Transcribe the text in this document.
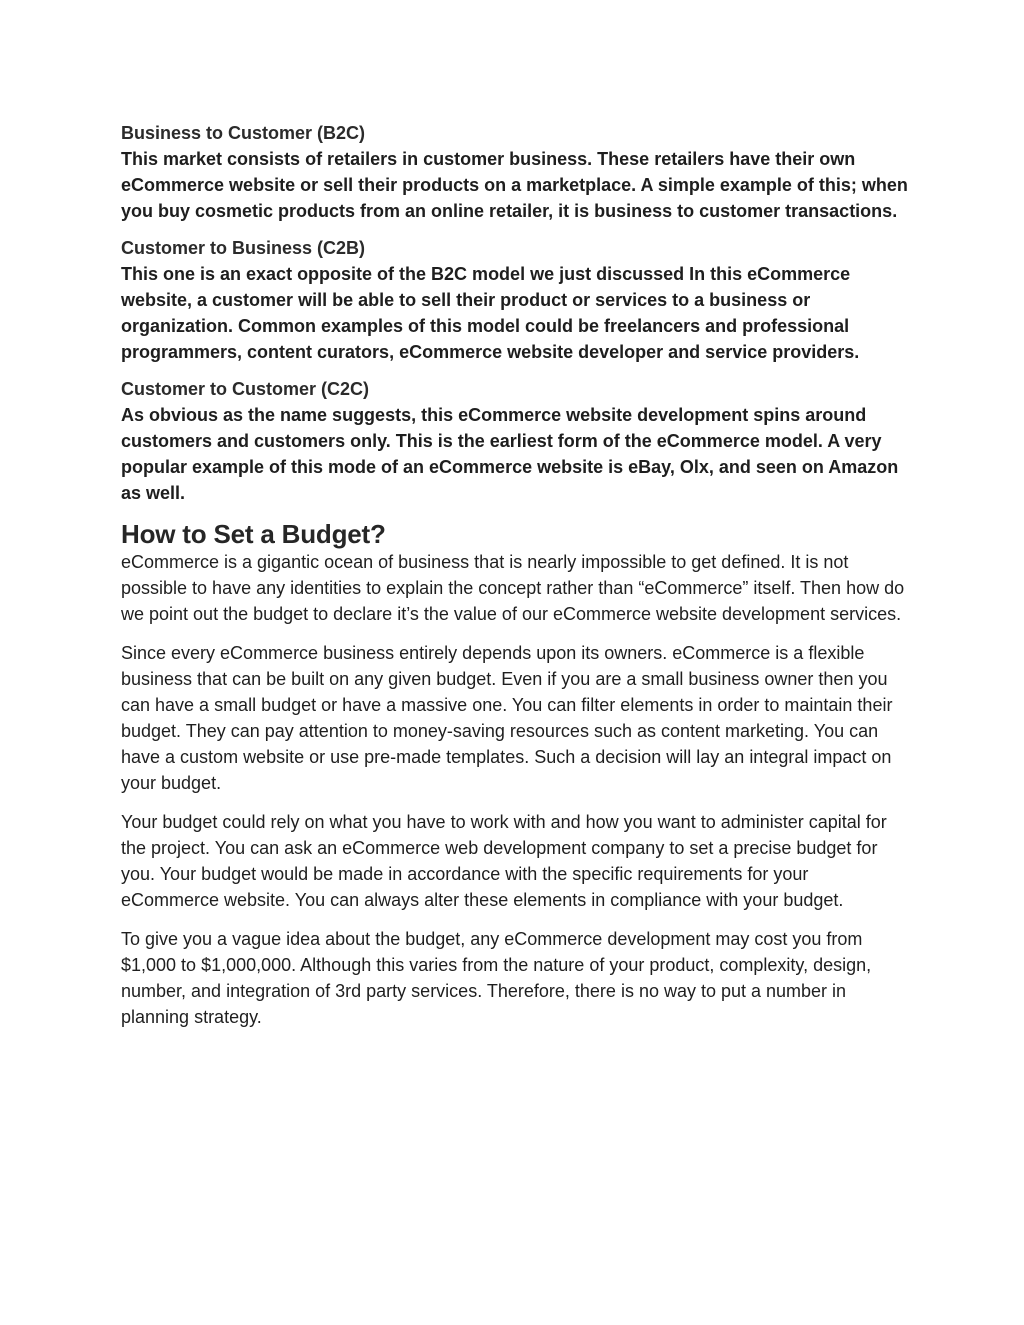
Business to Customer (B2C)
This market consists of retailers in customer business. These retailers have their own eCommerce website or sell their products on a marketplace. A simple example of this; when you buy cosmetic products from an online retailer, it is business to customer transactions.
Customer to Business (C2B)
This one is an exact opposite of the B2C model we just discussed In this eCommerce website, a customer will be able to sell their product or services to a business or organization. Common examples of this model could be freelancers and professional programmers, content curators, eCommerce website developer and service providers.
Customer to Customer (C2C)
As obvious as the name suggests, this eCommerce website development spins around customers and customers only. This is the earliest form of the eCommerce model. A very popular example of this mode of an eCommerce website is eBay, Olx, and seen on Amazon as well.
How to Set a Budget?

eCommerce is a gigantic ocean of business that is nearly impossible to get defined. It is not possible to have any identities to explain the concept rather than “eCommerce” itself. Then how do we point out the budget to declare it’s the value of our eCommerce website development services.

Since every eCommerce business entirely depends upon its owners. eCommerce is a flexible business that can be built on any given budget. Even if you are a small business owner then you can have a small budget or have a massive one. You can filter elements in order to maintain their budget. They can pay attention to money-saving resources such as content marketing. You can have a custom website or use pre-made templates. Such a decision will lay an integral impact on your budget.

Your budget could rely on what you have to work with and how you want to administer capital for the project. You can ask an eCommerce web development company to set a precise budget for you. Your budget would be made in accordance with the specific requirements for your eCommerce website. You can always alter these elements in compliance with your budget.

To give you a vague idea about the budget, any eCommerce development may cost you from $1,000 to $1,000,000. Although this varies from the nature of your product, complexity, design, number, and integration of 3rd party services. Therefore, there is no way to put a number in planning strategy.
